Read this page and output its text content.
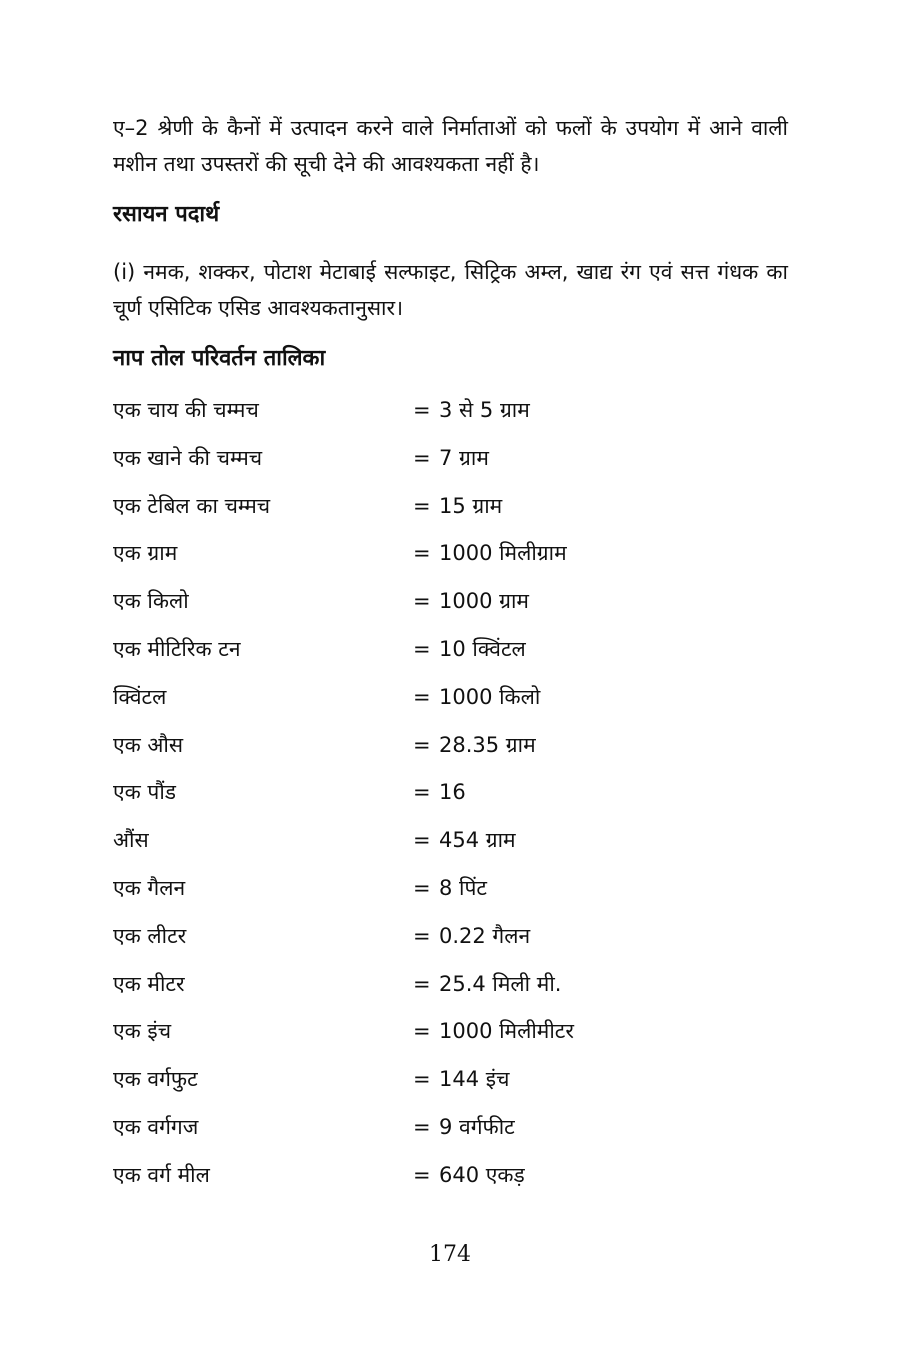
ए–2 श्रेणी के कैनों में उत्पादन करने वाले निर्माताओं को फलों के उपयोग में आने वाली मशीन तथा उपस्तरों की सूची देने की आवश्यकता नहीं है।

रसायन पदार्थ

(i) नमक, शक्कर, पोटाश मेटाबाई सल्फाइट, सिट्रिक अम्ल, खाद्य रंग एवं सत्त गंधक का चूर्ण एसिटिक एसिड आवश्यकतानुसार।

नाप तोल परिवर्तन तालिका
एक चाय की चम्मच	= 3 से 5 ग्राम
एक खाने की चम्मच	= 7 ग्राम
एक टेबिल का चम्मच	= 15 ग्राम
एक ग्राम	= 1000 मिलीग्राम
एक किलो	= 1000 ग्राम
एक मीटिरिक टन	= 10 क्विंटल
क्विंटल	= 1000 किलो
एक औस	= 28.35 ग्राम
एक पौंड	= 16
औंस	= 454 ग्राम
एक गैलन	= 8 पिंट
एक लीटर	= 0.22 गैलन
एक मीटर	= 25.4 मिली मी.
एक इंच	= 1000 मिलीमीटर
एक वर्गफुट	= 144 इंच
एक वर्गगज	= 9 वर्गफीट
एक वर्ग मील	= 640 एकड़
174
